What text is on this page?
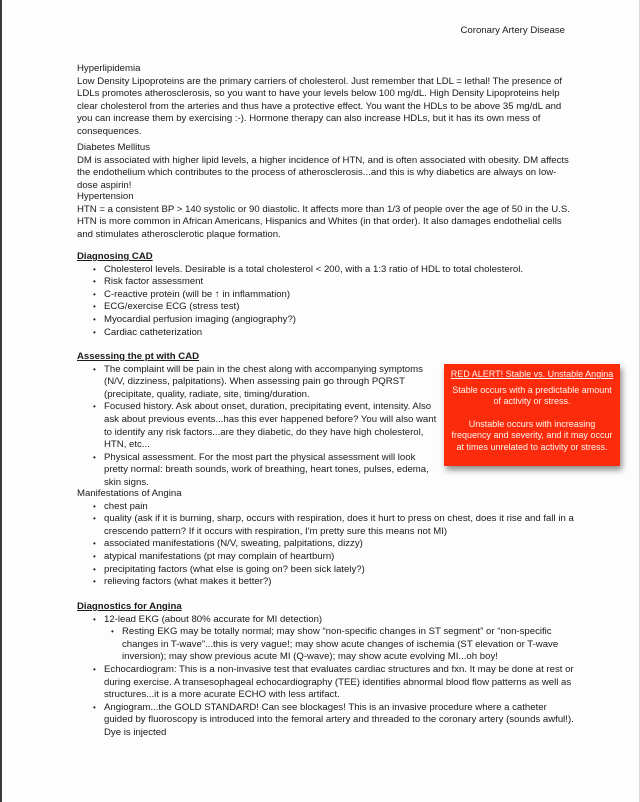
Coronary Artery Disease
Hyperlipidemia

Low Density Lipoproteins are the primary carriers of cholesterol. Just remember that LDL = lethal! The presence of LDLs promotes atherosclerosis, so you want to have your levels below 100 mg/dL. High Density Lipoproteins help clear cholesterol from the arteries and thus have a protective effect. You want the HDLs to be above 35 mg/dL and you can increase them by exercising :-). Hormone therapy can also increase HDLs, but it has its own mess of consequences.

Diabetes Mellitus

DM is associated with higher lipid levels, a higher incidence of HTN, and is often associated with obesity. DM affects the endothelium which contributes to the process of atherosclerosis...and this is why diabetics are always on low-dose aspirin!

Hypertension

HTN = a consistent BP > 140 systolic or 90 diastolic. It affects more than 1/3 of people over the age of 50 in the U.S. HTN is more common in African Americans, Hispanics and Whites (in that order). It also damages endothelial cells and stimulates atherosclerotic plaque formation.

Diagnosing CAD
• Cholesterol levels. Desirable is a total cholesterol < 200, with a 1:3 ratio of HDL to total cholesterol.
• Risk factor assessment
• C-reactive protein (will be ↑ in inflammation)
• ECG/exercise ECG (stress test)
• Myocardial perfusion imaging (angiography?)
• Cardiac catheterization
Assessing the pt with CAD
• The complaint will be pain in the chest along with accompanying symptoms (N/V, dizziness, palpitations). When assessing pain go through PQRST (precipitate, quality, radiate, site, timing/duration.
• Focused history. Ask about onset, duration, precipitating event, intensity. Also ask about previous events...has this ever happened before? You will also want to identify any risk factors...are they diabetic, do they have high cholesterol, HTN, etc...
• Physical assessment. For the most part the physical assessment will look pretty normal: breath sounds, work of breathing, heart tones, pulses, edema, skin signs.
RED ALERT! Stable vs. Unstable Angina

Stable occurs with a predictable amount of activity or stress.

Unstable occurs with increasing frequency and severity, and it may occur at times unrelated to activity or stress.

Manifestations of Angina
• chest pain
• quality (ask if it is burning, sharp, occurs with respiration, does it hurt to press on chest, does it rise and fall in a crescendo pattern? If it occurs with respiration, I'm pretty sure this means not MI)
• associated manifestations (N/V, sweating, palpitations, dizzy)
• atypical manifestations (pt may complain of heartburn)
• precipitating factors (what else is going on? been sick lately?)
• relieving factors (what makes it better?)
Diagnostics for Angina
• 12-lead EKG (about 80% accurate for MI detection)
• Resting EKG may be totally normal; may show “non-specific changes in ST segment” or “non-specific changes in T-wave”...this is very vague!; may show acute changes of ischemia (ST elevation or T-wave inversion); may show previous acute MI (Q-wave); may show acute evolving MI...oh boy!
• Echocardiogram: This is a non-invasive test that evaluates cardiac structures and fxn. It may be done at rest or during exercise. A transesophageal echocardiography (TEE) identifies abnormal blood flow patterns as well as structures...it is a more acurate ECHO with less artifact.
• Angiogram...the GOLD STANDARD! Can see blockages! This is an invasive procedure where a catheter guided by fluoroscopy is introduced into the femoral artery and threaded to the coronary artery (sounds awful!). Dye is injected
